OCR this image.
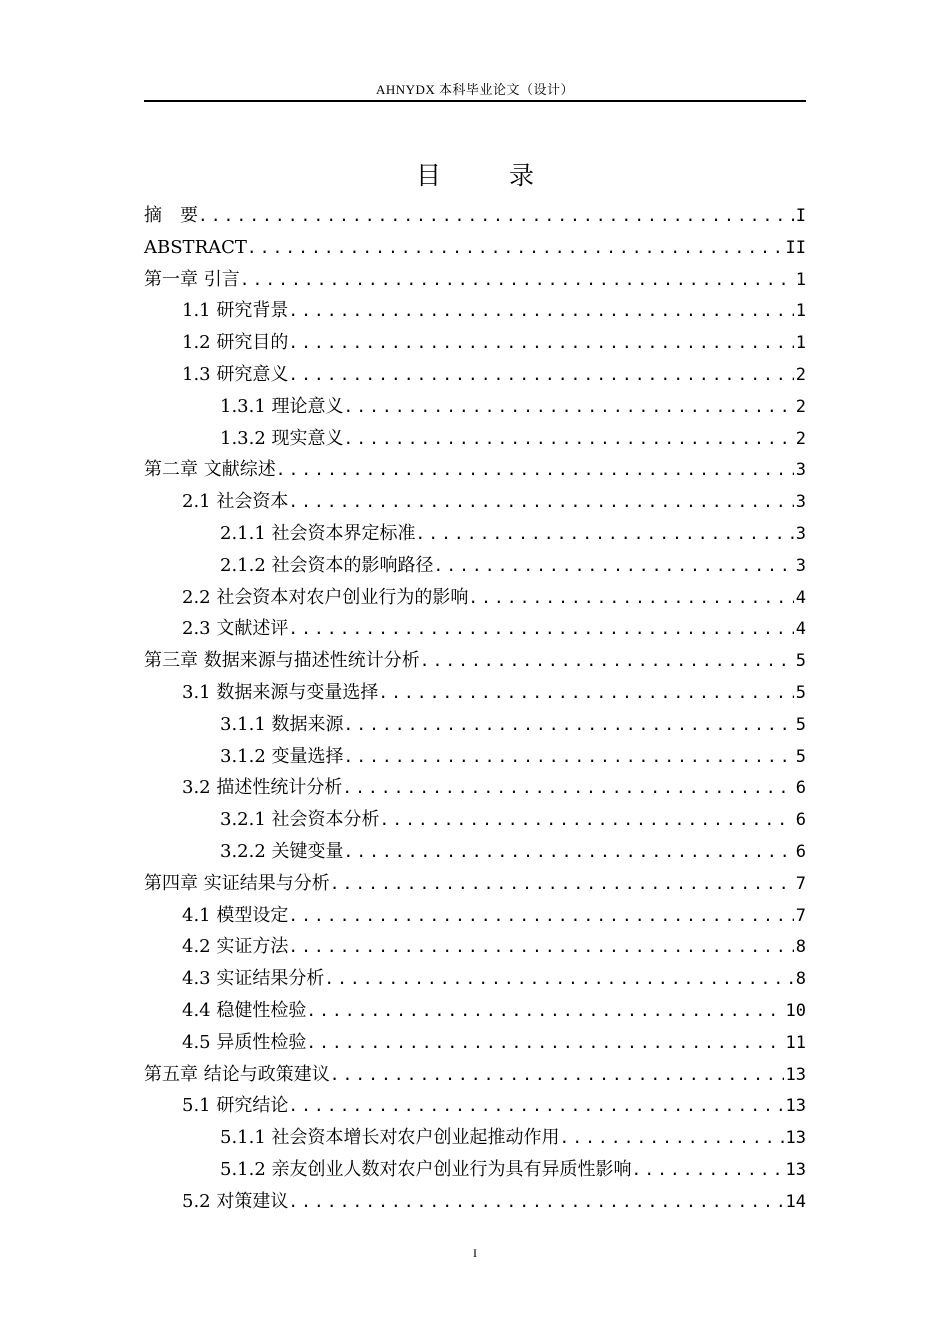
AHNYDX 本科毕业论文（设计）
目 录
摘　要 .....	I
ABSTRACT .....	II
第一章 引言 .....	1
1.1 研究背景 .....	1
1.2 研究目的 .....	1
1.3 研究意义 .....	2
1.3.1 理论意义 .....	2
1.3.2 现实意义 .....	2
第二章 文献综述 .....	3
2.1 社会资本 .....	3
2.1.1 社会资本界定标准 .....	3
2.1.2 社会资本的影响路径 .....	3
2.2 社会资本对农户创业行为的影响 .....	4
2.3 文献述评 .....	4
第三章 数据来源与描述性统计分析 .....	5
3.1 数据来源与变量选择 .....	5
3.1.1 数据来源 .....	5
3.1.2 变量选择 .....	5
3.2 描述性统计分析 .....	6
3.2.1 社会资本分析 .....	6
3.2.2 关键变量 .....	6
第四章 实证结果与分析 .....	7
4.1 模型设定 .....	7
4.2 实证方法 .....	8
4.3 实证结果分析 .....	8
4.4 稳健性检验 .....	10
4.5 异质性检验 .....	11
第五章 结论与政策建议 .....	13
5.1 研究结论 .....	13
5.1.1 社会资本增长对农户创业起推动作用 .....	13
5.1.2 亲友创业人数对农户创业行为具有异质性影响 .....	13
5.2 对策建议 .....	14
I
